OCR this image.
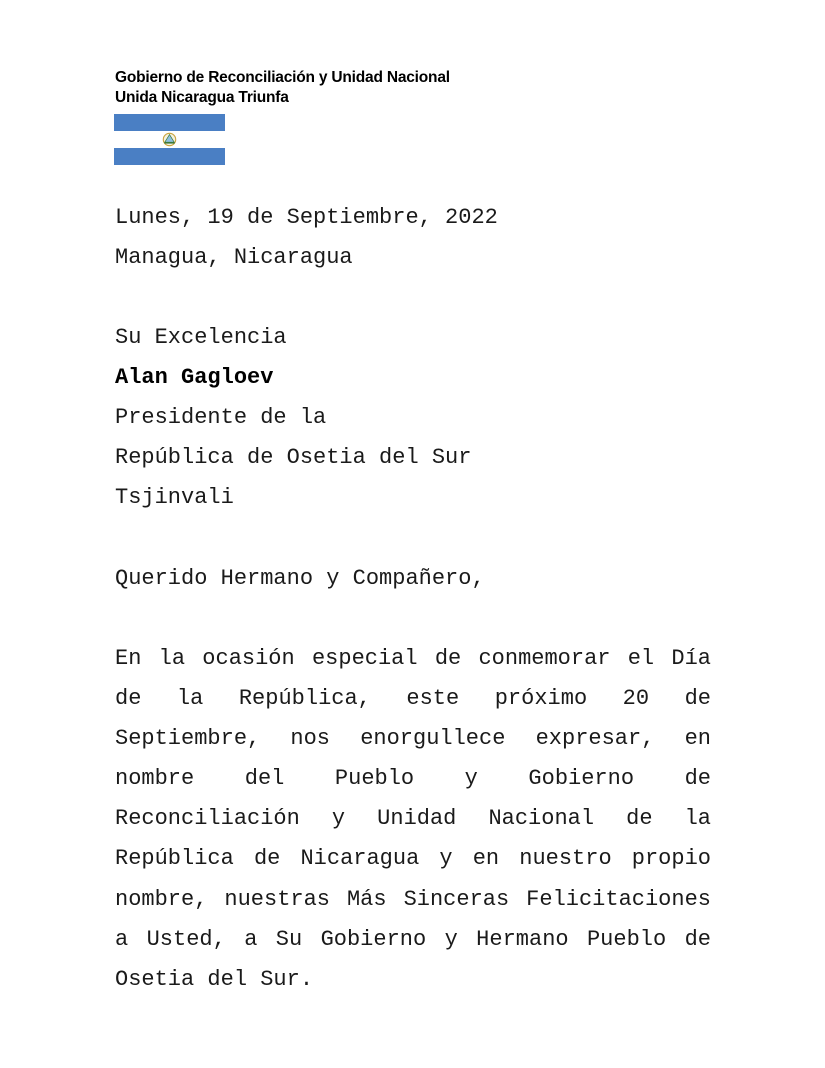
Gobierno de Reconciliación y Unidad Nacional
Unida Nicaragua Triunfa

Lunes, 19 de Septiembre, 2022

Managua, Nicaragua

Su Excelencia

Alan Gagloev

Presidente de la

República de Osetia del Sur

Tsjinvali

Querido Hermano y Compañero,

En la ocasión especial de conmemorar el Día de la República, este próximo 20 de Septiembre, nos enorgullece expresar, en nombre del Pueblo y Gobierno de Reconciliación y Unidad Nacional de la República de Nicaragua y en nuestro propio nombre, nuestras Más Sinceras Felicitaciones a Usted, a Su Gobierno y Hermano Pueblo de Osetia del Sur.
